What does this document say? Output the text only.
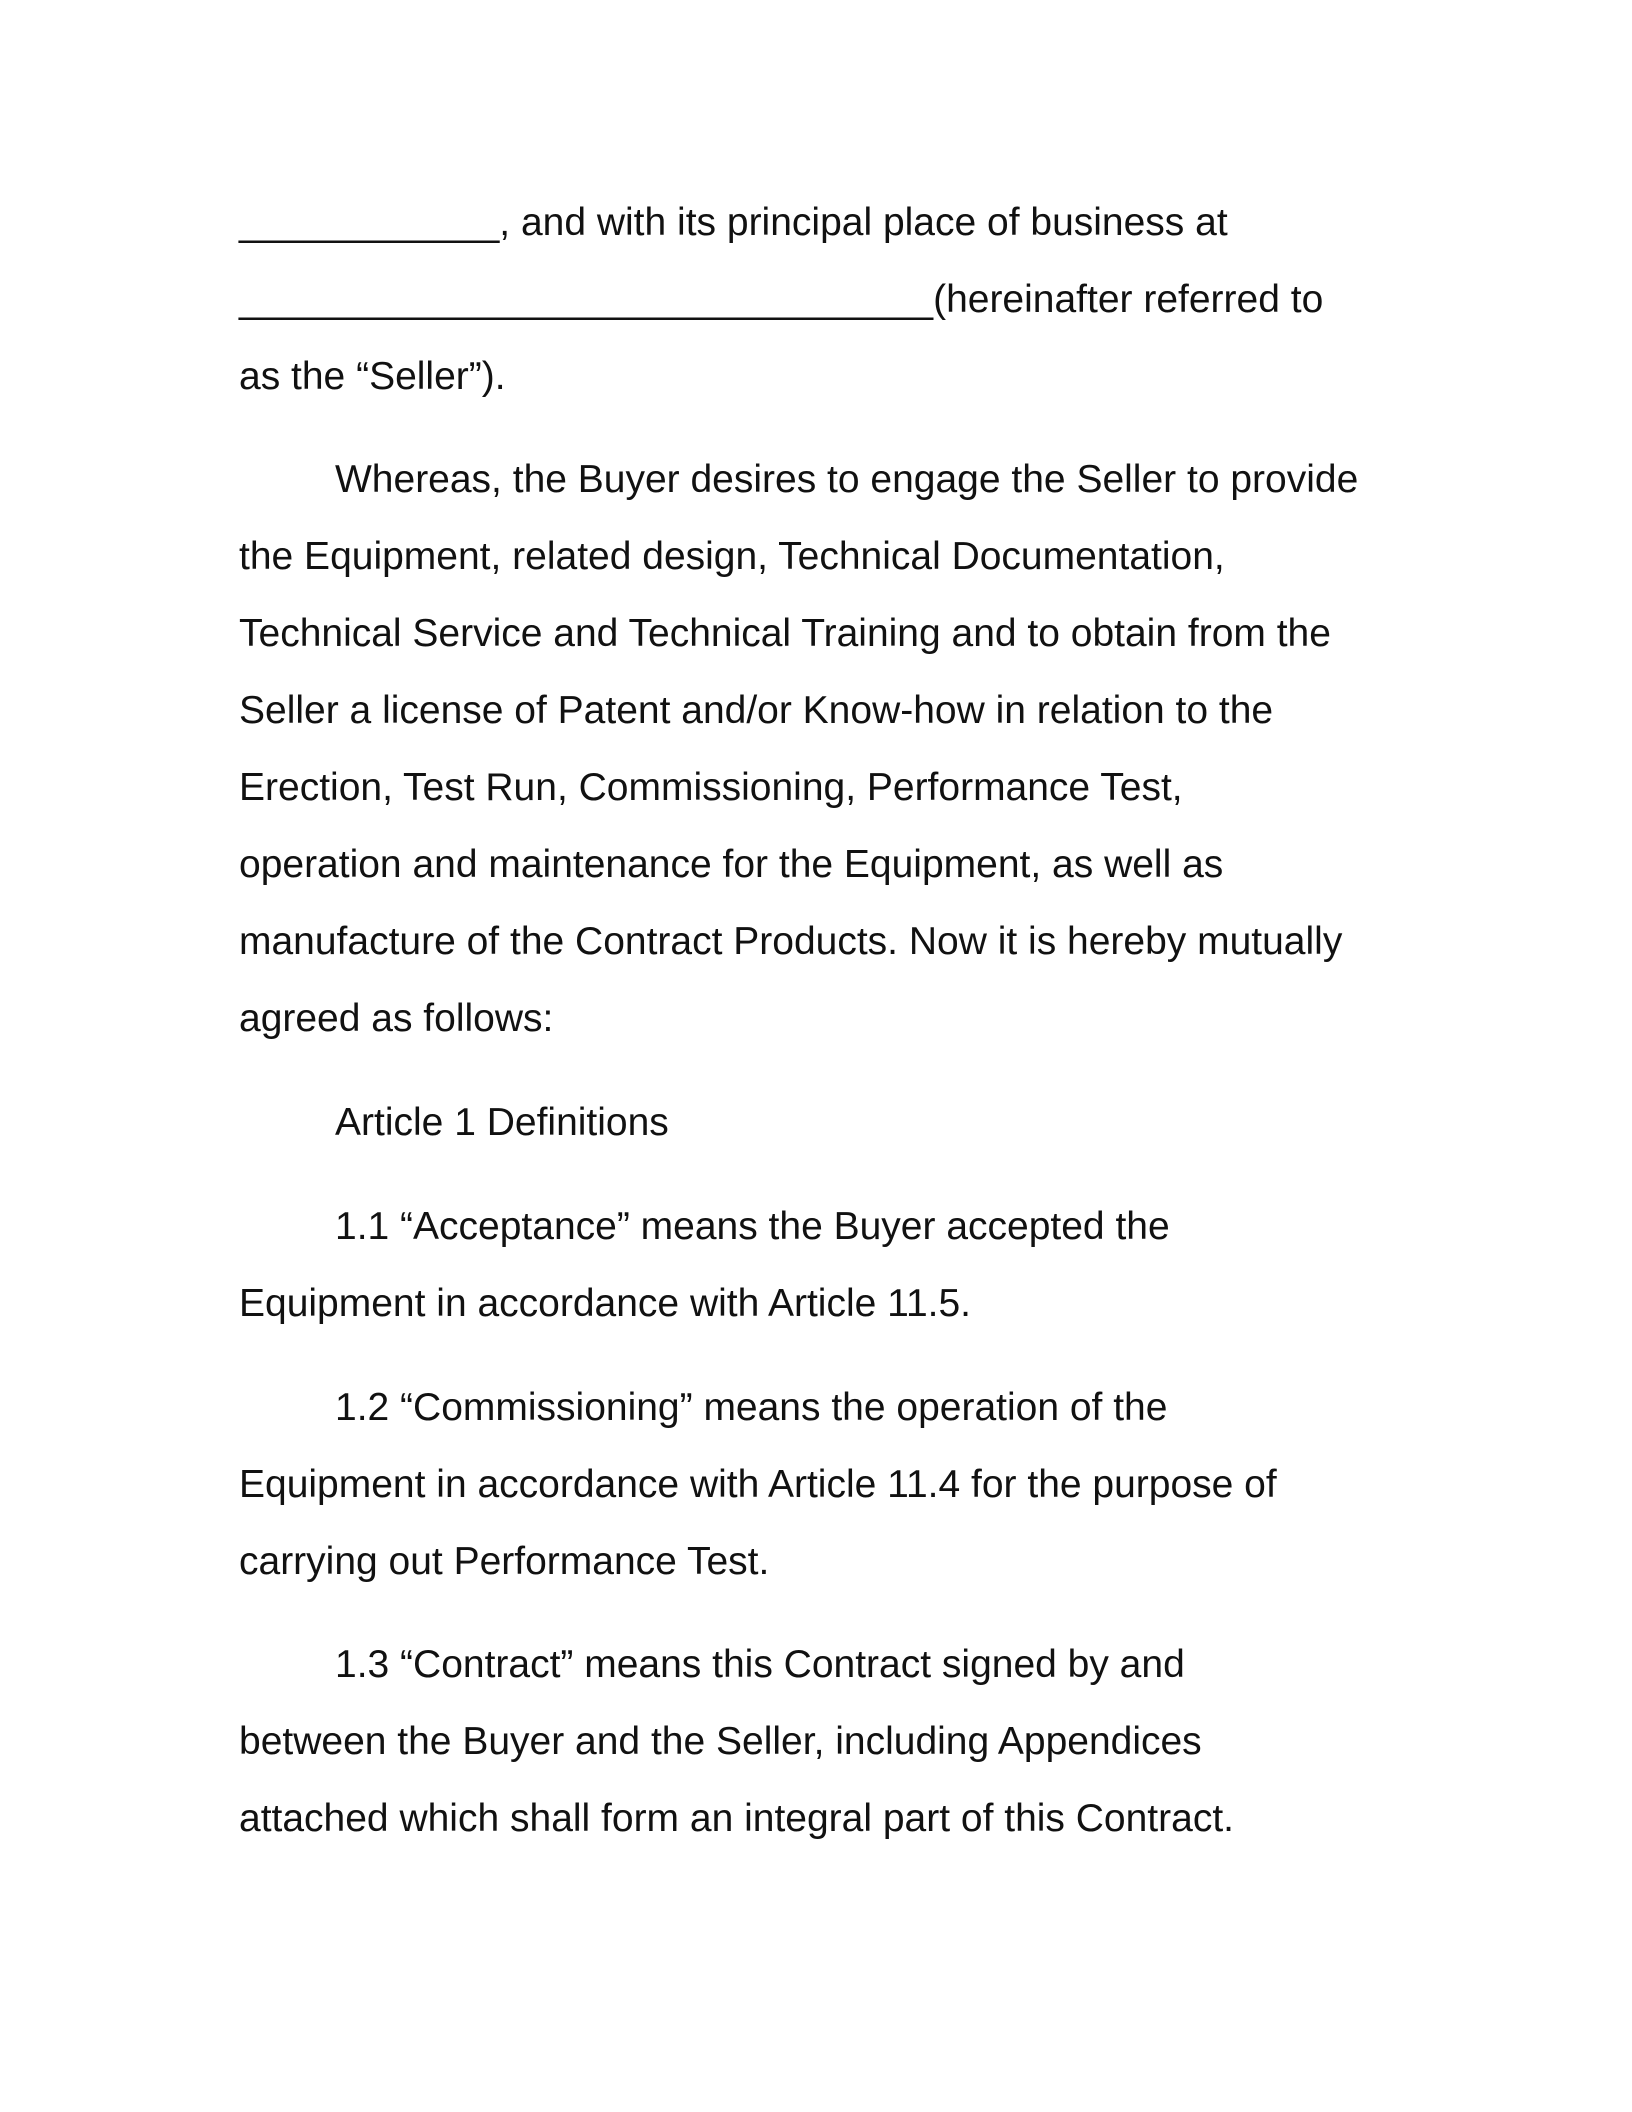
____________, and with its principal place of business at
________________________________(hereinafter referred to
as the “Seller”).
Whereas, the Buyer desires to engage the Seller to provide
the Equipment, related design, Technical Documentation,
Technical Service and Technical Training and to obtain from the
Seller a license of Patent and/or Know-how in relation to the
Erection, Test Run, Commissioning, Performance Test,
operation and maintenance for the Equipment, as well as
manufacture of the Contract Products. Now it is hereby mutually
agreed as follows:
Article 1 Definitions
1.1 “Acceptance” means the Buyer accepted the
Equipment in accordance with Article 11.5.
1.2 “Commissioning” means the operation of the
Equipment in accordance with Article 11.4 for the purpose of
carrying out Performance Test.
1.3 “Contract” means this Contract signed by and
between the Buyer and the Seller, including Appendices
attached which shall form an integral part of this Contract.
